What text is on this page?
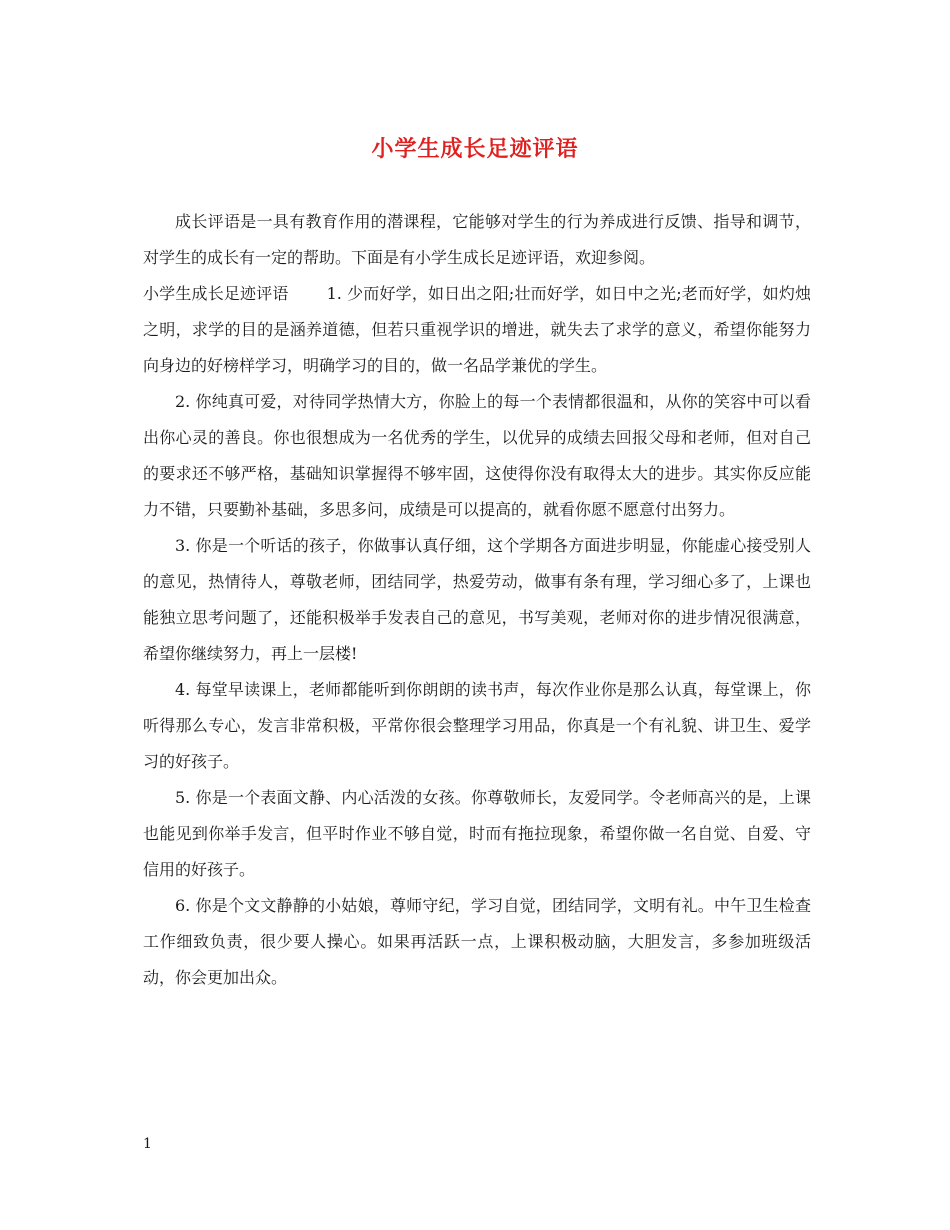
小学生成长足迹评语

成长评语是一具有教育作用的潜课程，它能够对学生的行为养成进行反馈、指导和调节，对学生的成长有一定的帮助。下面是有小学生成长足迹评语，欢迎参阅。

小学生成长足迹评语 1. 少而好学，如日出之阳;壮而好学，如日中之光;老而好学，如灼烛之明，求学的目的是涵养道德，但若只重视学识的增进，就失去了求学的意义，希望你能努力向身边的好榜样学习，明确学习的目的，做一名品学兼优的学生。

2. 你纯真可爱，对待同学热情大方，你脸上的每一个表情都很温和，从你的笑容中可以看出你心灵的善良。你也很想成为一名优秀的学生，以优异的成绩去回报父母和老师，但对自己的要求还不够严格，基础知识掌握得不够牢固，这使得你没有取得太大的进步。其实你反应能力不错，只要勤补基础，多思多问，成绩是可以提高的，就看你愿不愿意付出努力。

3. 你是一个听话的孩子，你做事认真仔细，这个学期各方面进步明显，你能虚心接受别人的意见，热情待人，尊敬老师，团结同学，热爱劳动，做事有条有理，学习细心多了，上课也能独立思考问题了，还能积极举手发表自己的意见，书写美观，老师对你的进步情况很满意，希望你继续努力，再上一层楼!

4. 每堂早读课上，老师都能听到你朗朗的读书声，每次作业你是那么认真，每堂课上，你听得那么专心，发言非常积极，平常你很会整理学习用品，你真是一个有礼貌、讲卫生、爱学习的好孩子。

5. 你是一个表面文静、内心活泼的女孩。你尊敬师长，友爱同学。令老师高兴的是，上课也能见到你举手发言，但平时作业不够自觉，时而有拖拉现象，希望你做一名自觉、自爱、守信用的好孩子。

6. 你是个文文静静的小姑娘，尊师守纪，学习自觉，团结同学，文明有礼。中午卫生检查工作细致负责，很少要人操心。如果再活跃一点，上课积极动脑，大胆发言，多参加班级活动，你会更加出众。

1
